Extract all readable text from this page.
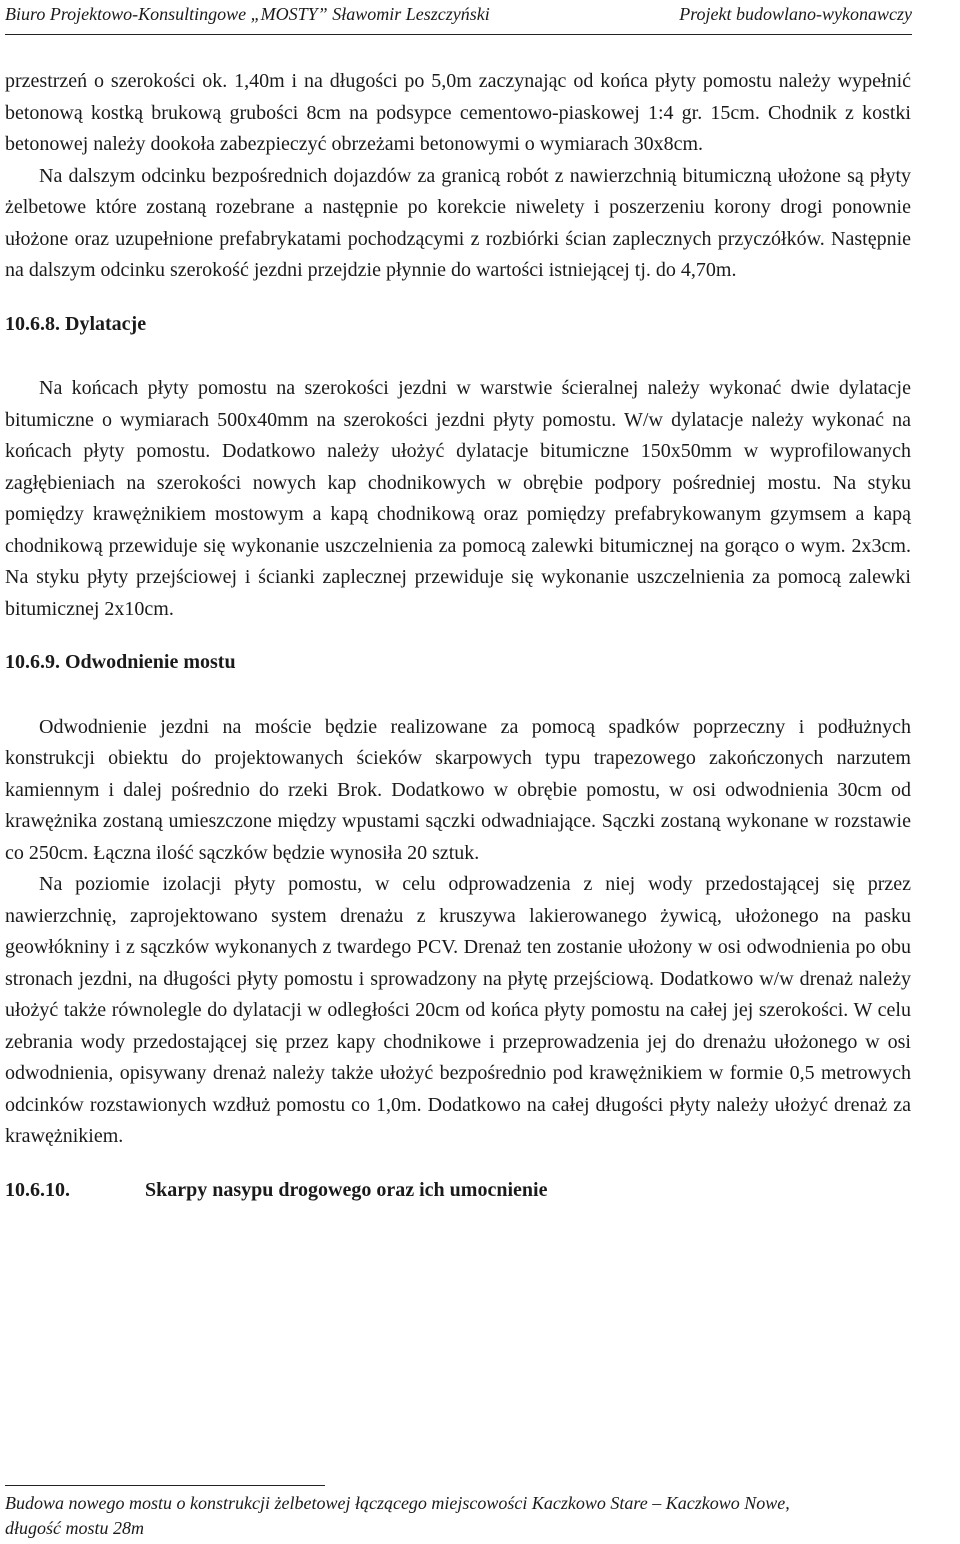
Biuro Projektowo-Konsultingowe „MOSTY” Sławomir Leszczyński	Projekt budowlano-wykonawczy

przestrzeń o szerokości ok. 1,40m i na długości po 5,0m zaczynając od końca płyty pomostu należy wypełnić betonową kostką brukową grubości 8cm na podsypce cementowo-piaskowej 1:4 gr. 15cm. Chodnik z kostki betonowej należy dookoła zabezpieczyć obrzeżami betonowymi o wymiarach 30x8cm.

Na dalszym odcinku bezpośrednich dojazdów za granicą robót z nawierzchnią bitumiczną ułożone są płyty żelbetowe które zostaną rozebrane a następnie po korekcie niwelety i poszerzeniu korony drogi ponownie ułożone oraz uzupełnione prefabrykatami pochodzącymi z rozbiórki ścian zaplecznych przyczółków. Następnie na dalszym odcinku szerokość jezdni przejdzie płynnie do wartości istniejącej tj. do 4,70m.

10.6.8. Dylatacje

Na końcach płyty pomostu na szerokości jezdni w warstwie ścieralnej należy wykonać dwie dylatacje bitumiczne o wymiarach 500x40mm na szerokości jezdni płyty pomostu. W/w dylatacje należy wykonać na końcach płyty pomostu. Dodatkowo należy ułożyć dylatacje bitumiczne 150x50mm w wyprofilowanych zagłębieniach na szerokości nowych kap chodnikowych w obrębie podpory pośredniej mostu. Na styku pomiędzy krawężnikiem mostowym a kapą chodnikową oraz pomiędzy prefabrykowanym gzymsem a kapą chodnikową przewiduje się wykonanie uszczelnienia za pomocą zalewki bitumicznej na gorąco o wym. 2x3cm. Na styku płyty przejściowej i ścianki zaplecznej przewiduje się wykonanie uszczelnienia za pomocą zalewki bitumicznej 2x10cm.

10.6.9. Odwodnienie mostu

Odwodnienie jezdni na moście będzie realizowane za pomocą spadków poprzeczny i podłużnych konstrukcji obiektu do projektowanych ścieków skarpowych typu trapezowego zakończonych narzutem kamiennym i dalej pośrednio do rzeki Brok. Dodatkowo w obrębie pomostu, w osi odwodnienia 30cm od krawężnika zostaną umieszczone między wpustami sączki odwadniające. Sączki zostaną wykonane w rozstawie co 250cm. Łączna ilość sączków będzie wynosiła 20 sztuk.

Na poziomie izolacji płyty pomostu, w celu odprowadzenia z niej wody przedostającej się przez nawierzchnię, zaprojektowano system drenażu z kruszywa lakierowanego żywicą, ułożonego na pasku geowłókniny i z sączków wykonanych z twardego PCV. Drenaż ten zostanie ułożony w osi odwodnienia po obu stronach jezdni, na długości płyty pomostu i sprowadzony na płytę przejściową. Dodatkowo w/w drenaż należy ułożyć także równolegle do dylatacji w odległości 20cm od końca płyty pomostu na całej jej szerokości. W celu zebrania wody przedostającej się przez kapy chodnikowe i przeprowadzenia jej do drenażu ułożonego w osi odwodnienia, opisywany drenaż należy także ułożyć bezpośrednio pod krawężnikiem w formie 0,5 metrowych odcinków rozstawionych wzdłuż pomostu co 1,0m. Dodatkowo na całej długości płyty należy ułożyć drenaż za krawężnikiem.

10.6.10.	Skarpy nasypu drogowego oraz ich umocnienie
Budowa nowego mostu o konstrukcji żelbetowej łączącego miejscowości Kaczkowo Stare – Kaczkowo Nowe,
długość mostu 28m
